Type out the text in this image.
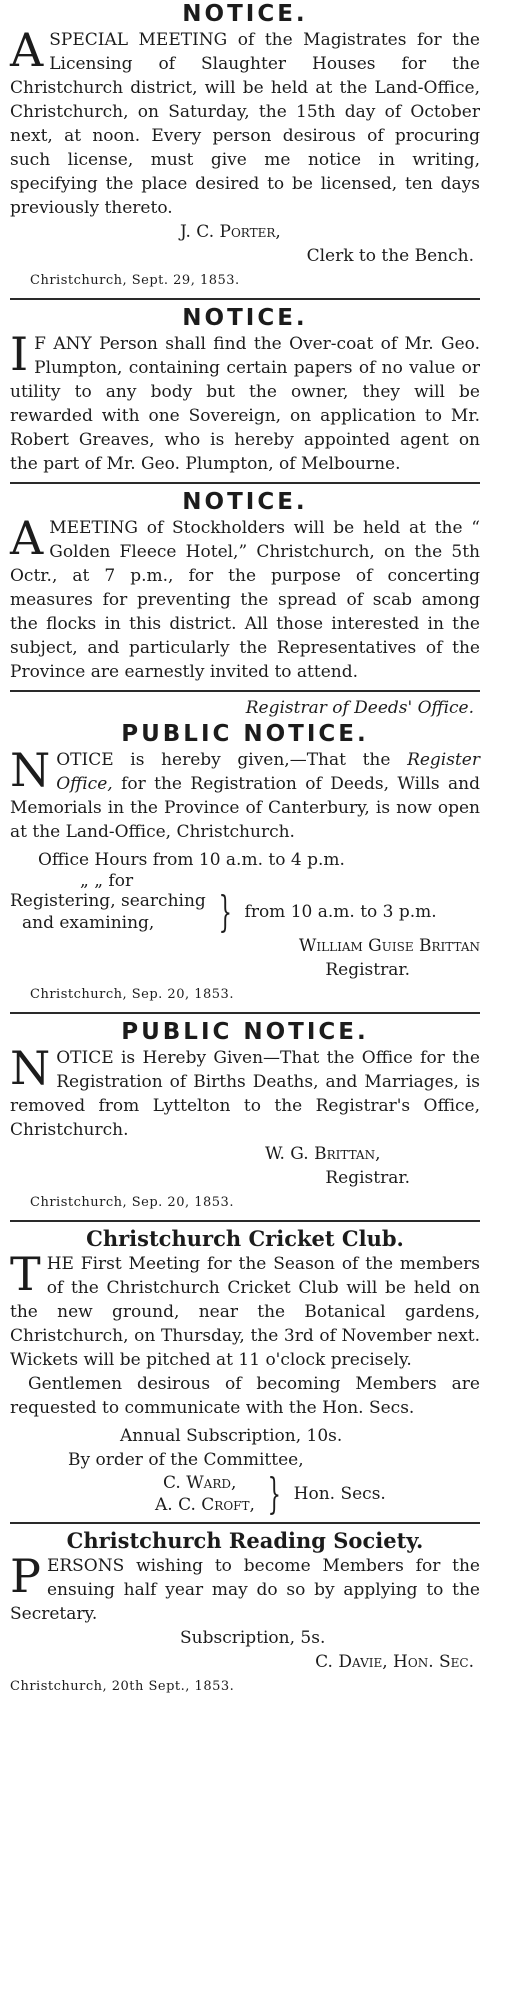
NOTICE.
A SPECIAL MEETING of the Magistrates for the Licensing of Slaughter Houses for the Christchurch district, will be held at the Land-Office, Christchurch, on Saturday, the 15th day of October next, at noon. Every person desirous of procuring such license, must give me notice in writing, specifying the place desired to be licensed, ten days previously thereto.

J. C. Porter,
Clerk to the Bench.
Christchurch, Sept. 29, 1853.
NOTICE.
I F ANY Person shall find the Over-coat of Mr. Geo. Plumpton, containing certain papers of no value or utility to any body but the owner, they will be rewarded with one Sovereign, on application to Mr. Robert Greaves, who is hereby appointed agent on the part of Mr. Geo. Plumpton, of Melbourne.

NOTICE.
A MEETING of Stockholders will be held at the “ Golden Fleece Hotel,” Christchurch, on the 5th Octr., at 7 p.m., for the purpose of concerting measures for preventing the spread of scab among the flocks in this district. All those interested in the subject, and particularly the Representatives of the Province are earnestly invited to attend.

Registrar of Deeds' Office.
PUBLIC NOTICE.
N OTICE is hereby given,—That the Register Office, for the Registration of Deeds, Wills and Memorials in the Province of Canterbury, is now open at the Land-Office, Christchurch.

Office Hours from 10 a.m. to 4 p.m.
„ „ for
Registering, searching
and examining,	} from 10 a.m. to 3 p.m.
William Guise Brittan
Registrar.
Christchurch, Sep. 20, 1853.
PUBLIC NOTICE.
N OTICE is Hereby Given—That the Office for the Registration of Births Deaths, and Marriages, is removed from Lyttelton to the Registrar's Office, Christchurch.

W. G. Brittan,
Registrar.
Christchurch, Sep. 20, 1853.
Christchurch Cricket Club.
T HE First Meeting for the Season of the members of the Christchurch Cricket Club will be held on the new ground, near the Botanical gardens, Christchurch, on Thursday, the 3rd of November next. Wickets will be pitched at 11 o'clock precisely.

Gentlemen desirous of becoming Members are requested to communicate with the Hon. Secs.

Annual Subscription, 10s.
By order of the Committee,
C. Ward,
A. C. Croft, } Hon. Secs.
Christchurch Reading Society.
P ERSONS wishing to become Members for the ensuing half year may do so by applying to the Secretary.

Subscription, 5s.
C. Davie, Hon. Sec.
Christchurch, 20th Sept., 1853.
